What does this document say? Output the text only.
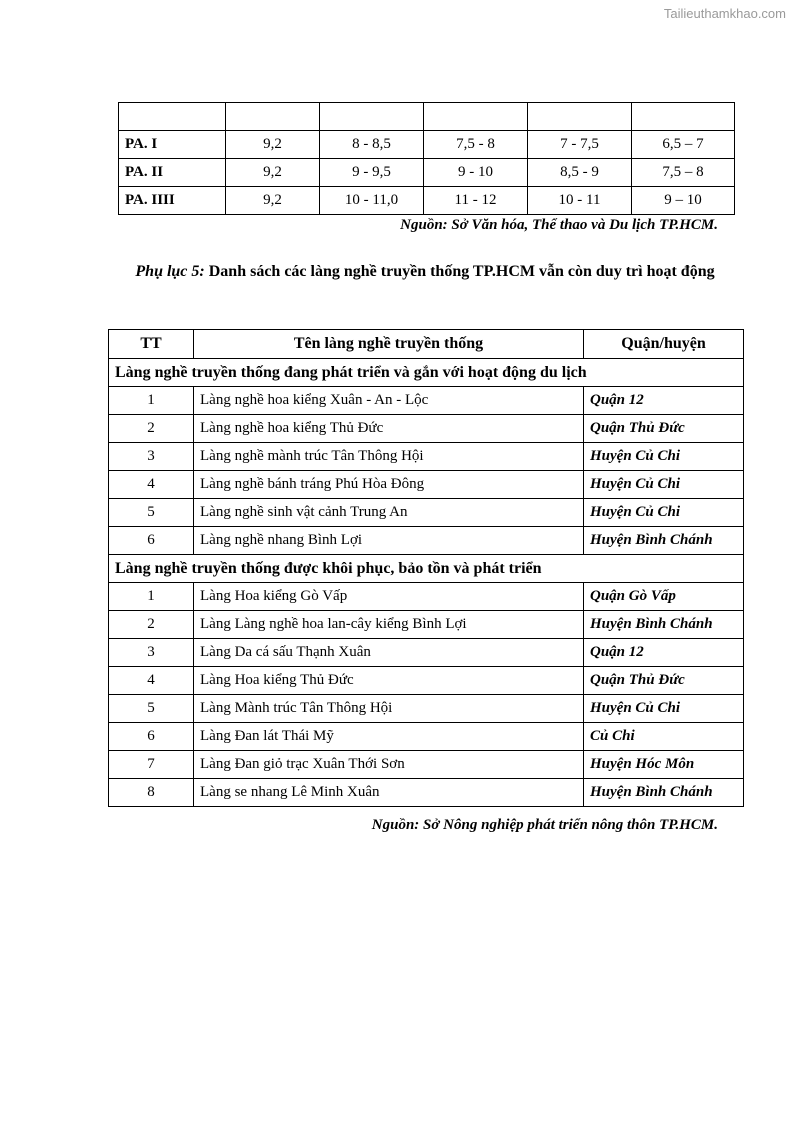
Tailieuthamkhao.com

PA. I	9,2	8 - 8,5	7,5 - 8	7 - 7,5	6,5 – 7
PA. II	9,2	9 - 9,5	9 - 10	8,5 - 9	7,5 – 8
PA. IIII	9,2	10 - 11,0	11 - 12	10 - 11	9 – 10
Nguồn: Sở Văn hóa, Thể thao và Du lịch TP.HCM.
Phụ lục 5: Danh sách các làng nghề truyền thống TP.HCM vẫn còn duy trì hoạt động
TT	Tên làng nghề truyền thống	Quận/huyện
Làng nghề truyền thống đang phát triển và gắn với hoạt động du lịch		
1	Làng nghề hoa kiểng Xuân - An - Lộc	Quận 12
2	Làng nghề hoa kiểng Thủ Đức	Quận Thủ Đức
3	Làng nghề mành trúc Tân Thông Hội	Huyện Củ Chi
4	Làng nghề bánh tráng Phú Hòa Đông	Huyện Củ Chi
5	Làng nghề sinh vật cảnh Trung An	Huyện Củ Chi
6	Làng nghề nhang Bình Lợi	Huyện Bình Chánh
Làng nghề truyền thống được khôi phục, bảo tồn và phát triển		
1	Làng Hoa kiểng Gò Vấp	Quận Gò Vấp
2	Làng Làng nghề hoa lan-cây kiểng Bình Lợi	Huyện Bình Chánh
3	Làng Da cá sấu Thạnh Xuân	Quận 12
4	Làng Hoa kiểng Thủ Đức	Quận Thủ Đức
5	Làng Mành trúc Tân Thông Hội	Huyện Củ Chi
6	Làng Đan lát Thái Mỹ	Củ Chi
7	Làng Đan giỏ trạc Xuân Thới Sơn	Huyện Hóc Môn
8	Làng se nhang Lê Minh Xuân	Huyện Bình Chánh
Nguồn: Sở Nông nghiệp phát triển nông thôn TP.HCM.
